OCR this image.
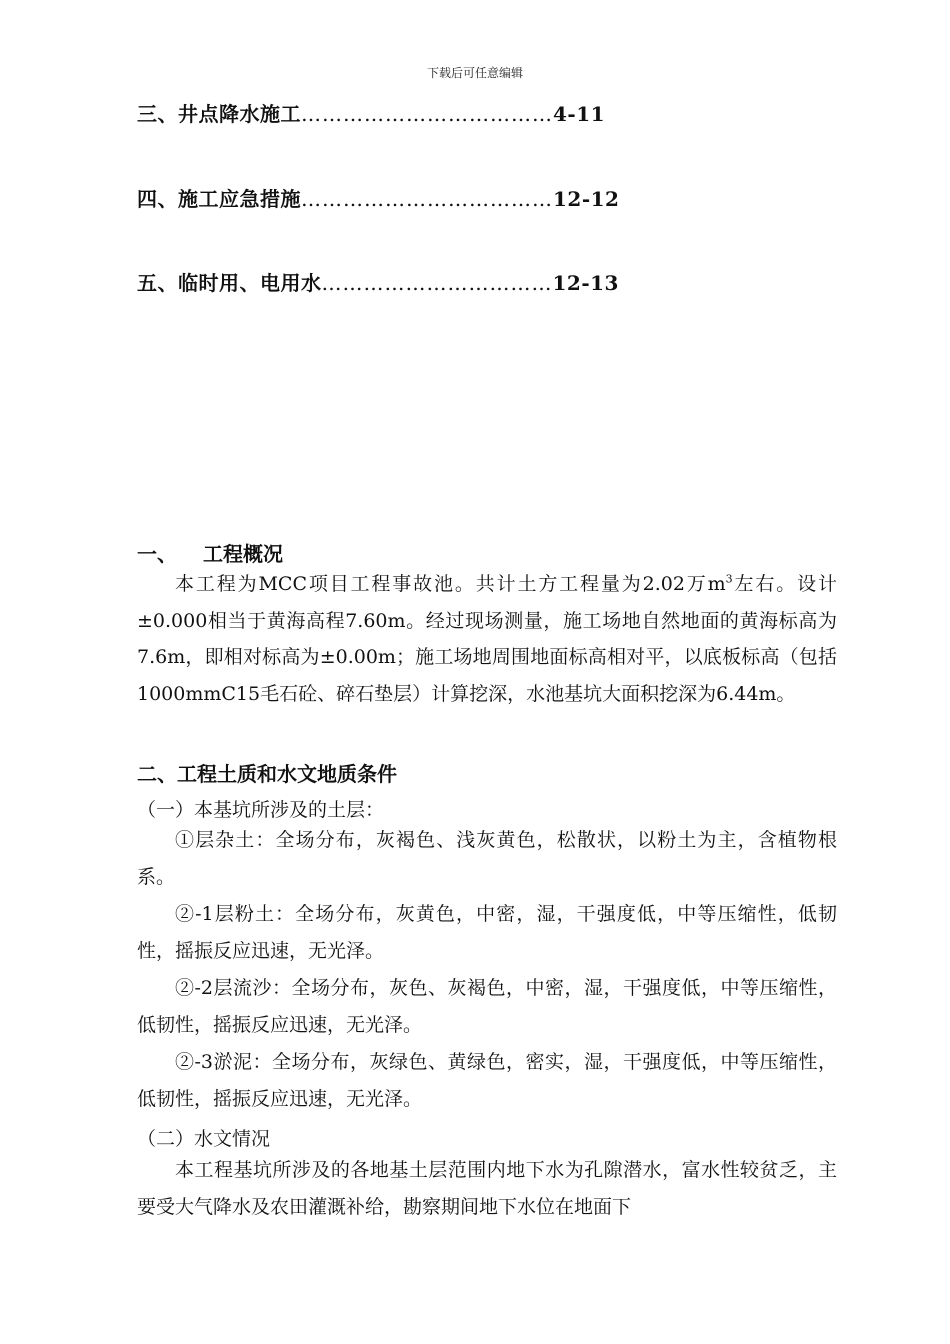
下载后可任意编辑
三、井点降水施工………………………………4-11
四、施工应急措施………………………………12-12
五、临时用、电用水……………………………12-13
一、 工程概况
本工程为MCC项目工程事故池。共计土方工程量为2.02万$m^3$左右。设计±0.000相当于黄海高程7.60m。经过现场测量，施工场地自然地面的黄海标高为7.6m，即相对标高为±0.00m；施工场地周围地面标高相对平，以底板标高（包括1000mmC15毛石砼、碎石垫层）计算挖深，水池基坑大面积挖深为6.44m。
二、工程土质和水文地质条件
（一）本基坑所涉及的土层：
①层杂土：全场分布，灰褐色、浅灰黄色，松散状，以粉土为主，含植物根系。
②-1层粉土：全场分布，灰黄色，中密，湿，干强度低，中等压缩性，低韧性，摇振反应迅速，无光泽。
②-2层流沙：全场分布，灰色、灰褐色，中密，湿，干强度低，中等压缩性，低韧性，摇振反应迅速，无光泽。
②-3淤泥：全场分布，灰绿色、黄绿色，密实，湿，干强度低，中等压缩性，低韧性，摇振反应迅速，无光泽。
（二）水文情况
本工程基坑所涉及的各地基土层范围内地下水为孔隙潜水，富水性较贫乏，主要受大气降水及农田灌溉补给，勘察期间地下水位在地面下
